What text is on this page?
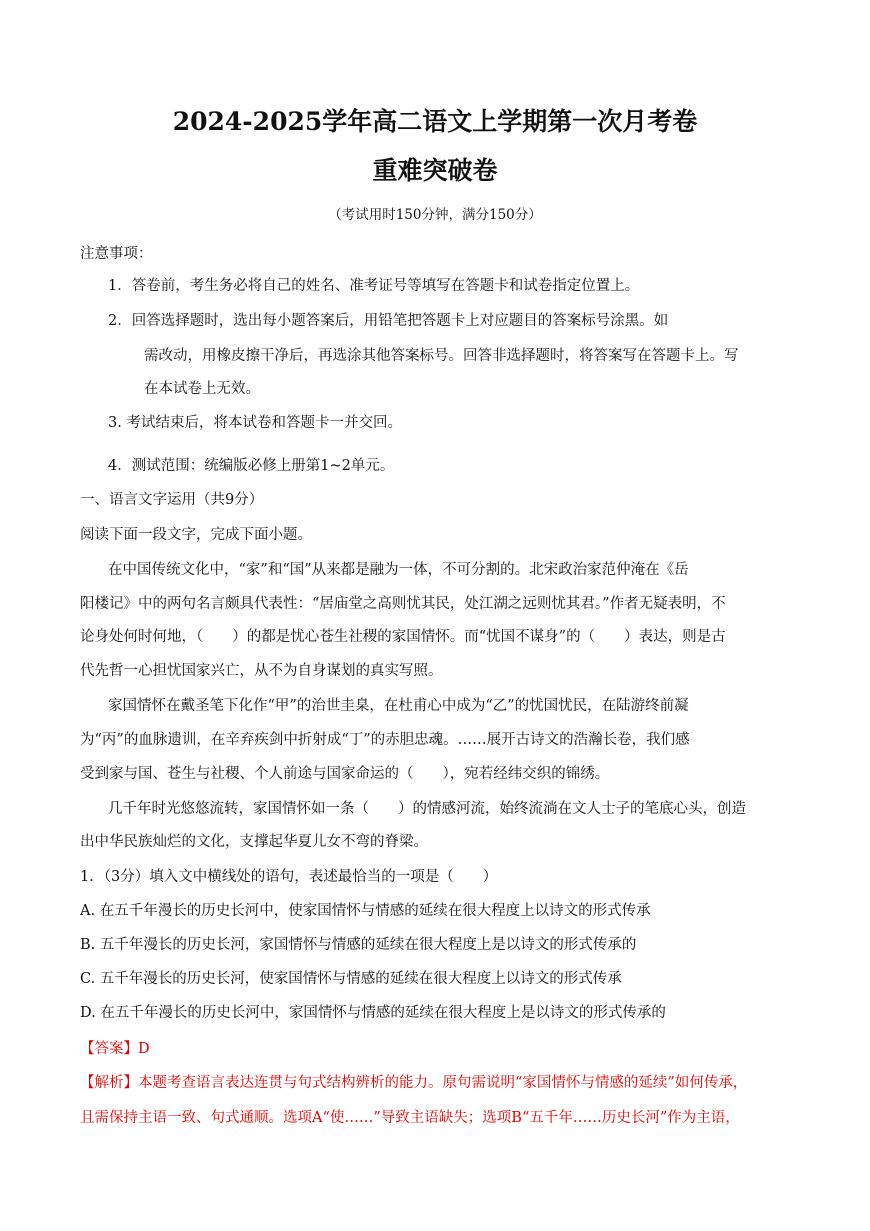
2024-2025学年高二语文上学期第一次月考卷
重难突破卷
（考试用时150分钟，满分150分）
注意事项：
1．答卷前，考生务必将自己的姓名、准考证号等填写在答题卡和试卷指定位置上。
2．回答选择题时，选出每小题答案后，用铅笔把答题卡上对应题目的答案标号涂黑。如
需改动，用橡皮擦干净后，再选涂其他答案标号。回答非选择题时，将答案写在答题卡上。写
在本试卷上无效。
3. 考试结束后，将本试卷和答题卡一并交回。
4．测试范围：统编版必修上册第1~2单元。
一、语言文字运用（共9分）
阅读下面一段文字，完成下面小题。
在中国传统文化中，“家”和“国”从来都是融为一体，不可分割的。北宋政治家范仲淹在《岳
阳楼记》中的两句名言颇具代表性：“居庙堂之高则忧其民，处江湖之远则忧其君。”作者无疑表明，不
论身处何时何地，（　　）的都是忧心苍生社稷的家国情怀。而“忧国不谋身”的（　　）表达，则是古
代先哲一心担忧国家兴亡，从不为自身谋划的真实写照。
家国情怀在戴圣笔下化作“甲”的治世圭臬，在杜甫心中成为“乙”的忧国忧民，在陆游终前凝
为“丙”的血脉遗训，在辛弃疾剑中折射成“丁”的赤胆忠魂。……展开古诗文的浩瀚长卷，我们感
受到家与国、苍生与社稷、个人前途与国家命运的（　　），宛若经纬交织的锦绣。
几千年时光悠悠流转，家国情怀如一条（　　）的情感河流，始终流淌在文人士子的笔底心头，创造
出中华民族灿烂的文化，支撑起华夏儿女不弯的脊梁。
1．（3分）填入文中横线处的语句，表述最恰当的一项是（　　）
A. 在五千年漫长的历史长河中，使家国情怀与情感的延续在很大程度上以诗文的形式传承
B. 五千年漫长的历史长河，家国情怀与情感的延续在很大程度上是以诗文的形式传承的
C. 五千年漫长的历史长河，使家国情怀与情感的延续在很大程度上以诗文的形式传承
D. 在五千年漫长的历史长河中，家国情怀与情感的延续在很大程度上是以诗文的形式传承的
【答案】D
【解析】本题考查语言表达连贯与句式结构辨析的能力。原句需说明“家国情怀与情感的延续”如何传承，
且需保持主语一致、句式通顺。选项A“使……”导致主语缺失；选项B“五千年……历史长河”作为主语，
